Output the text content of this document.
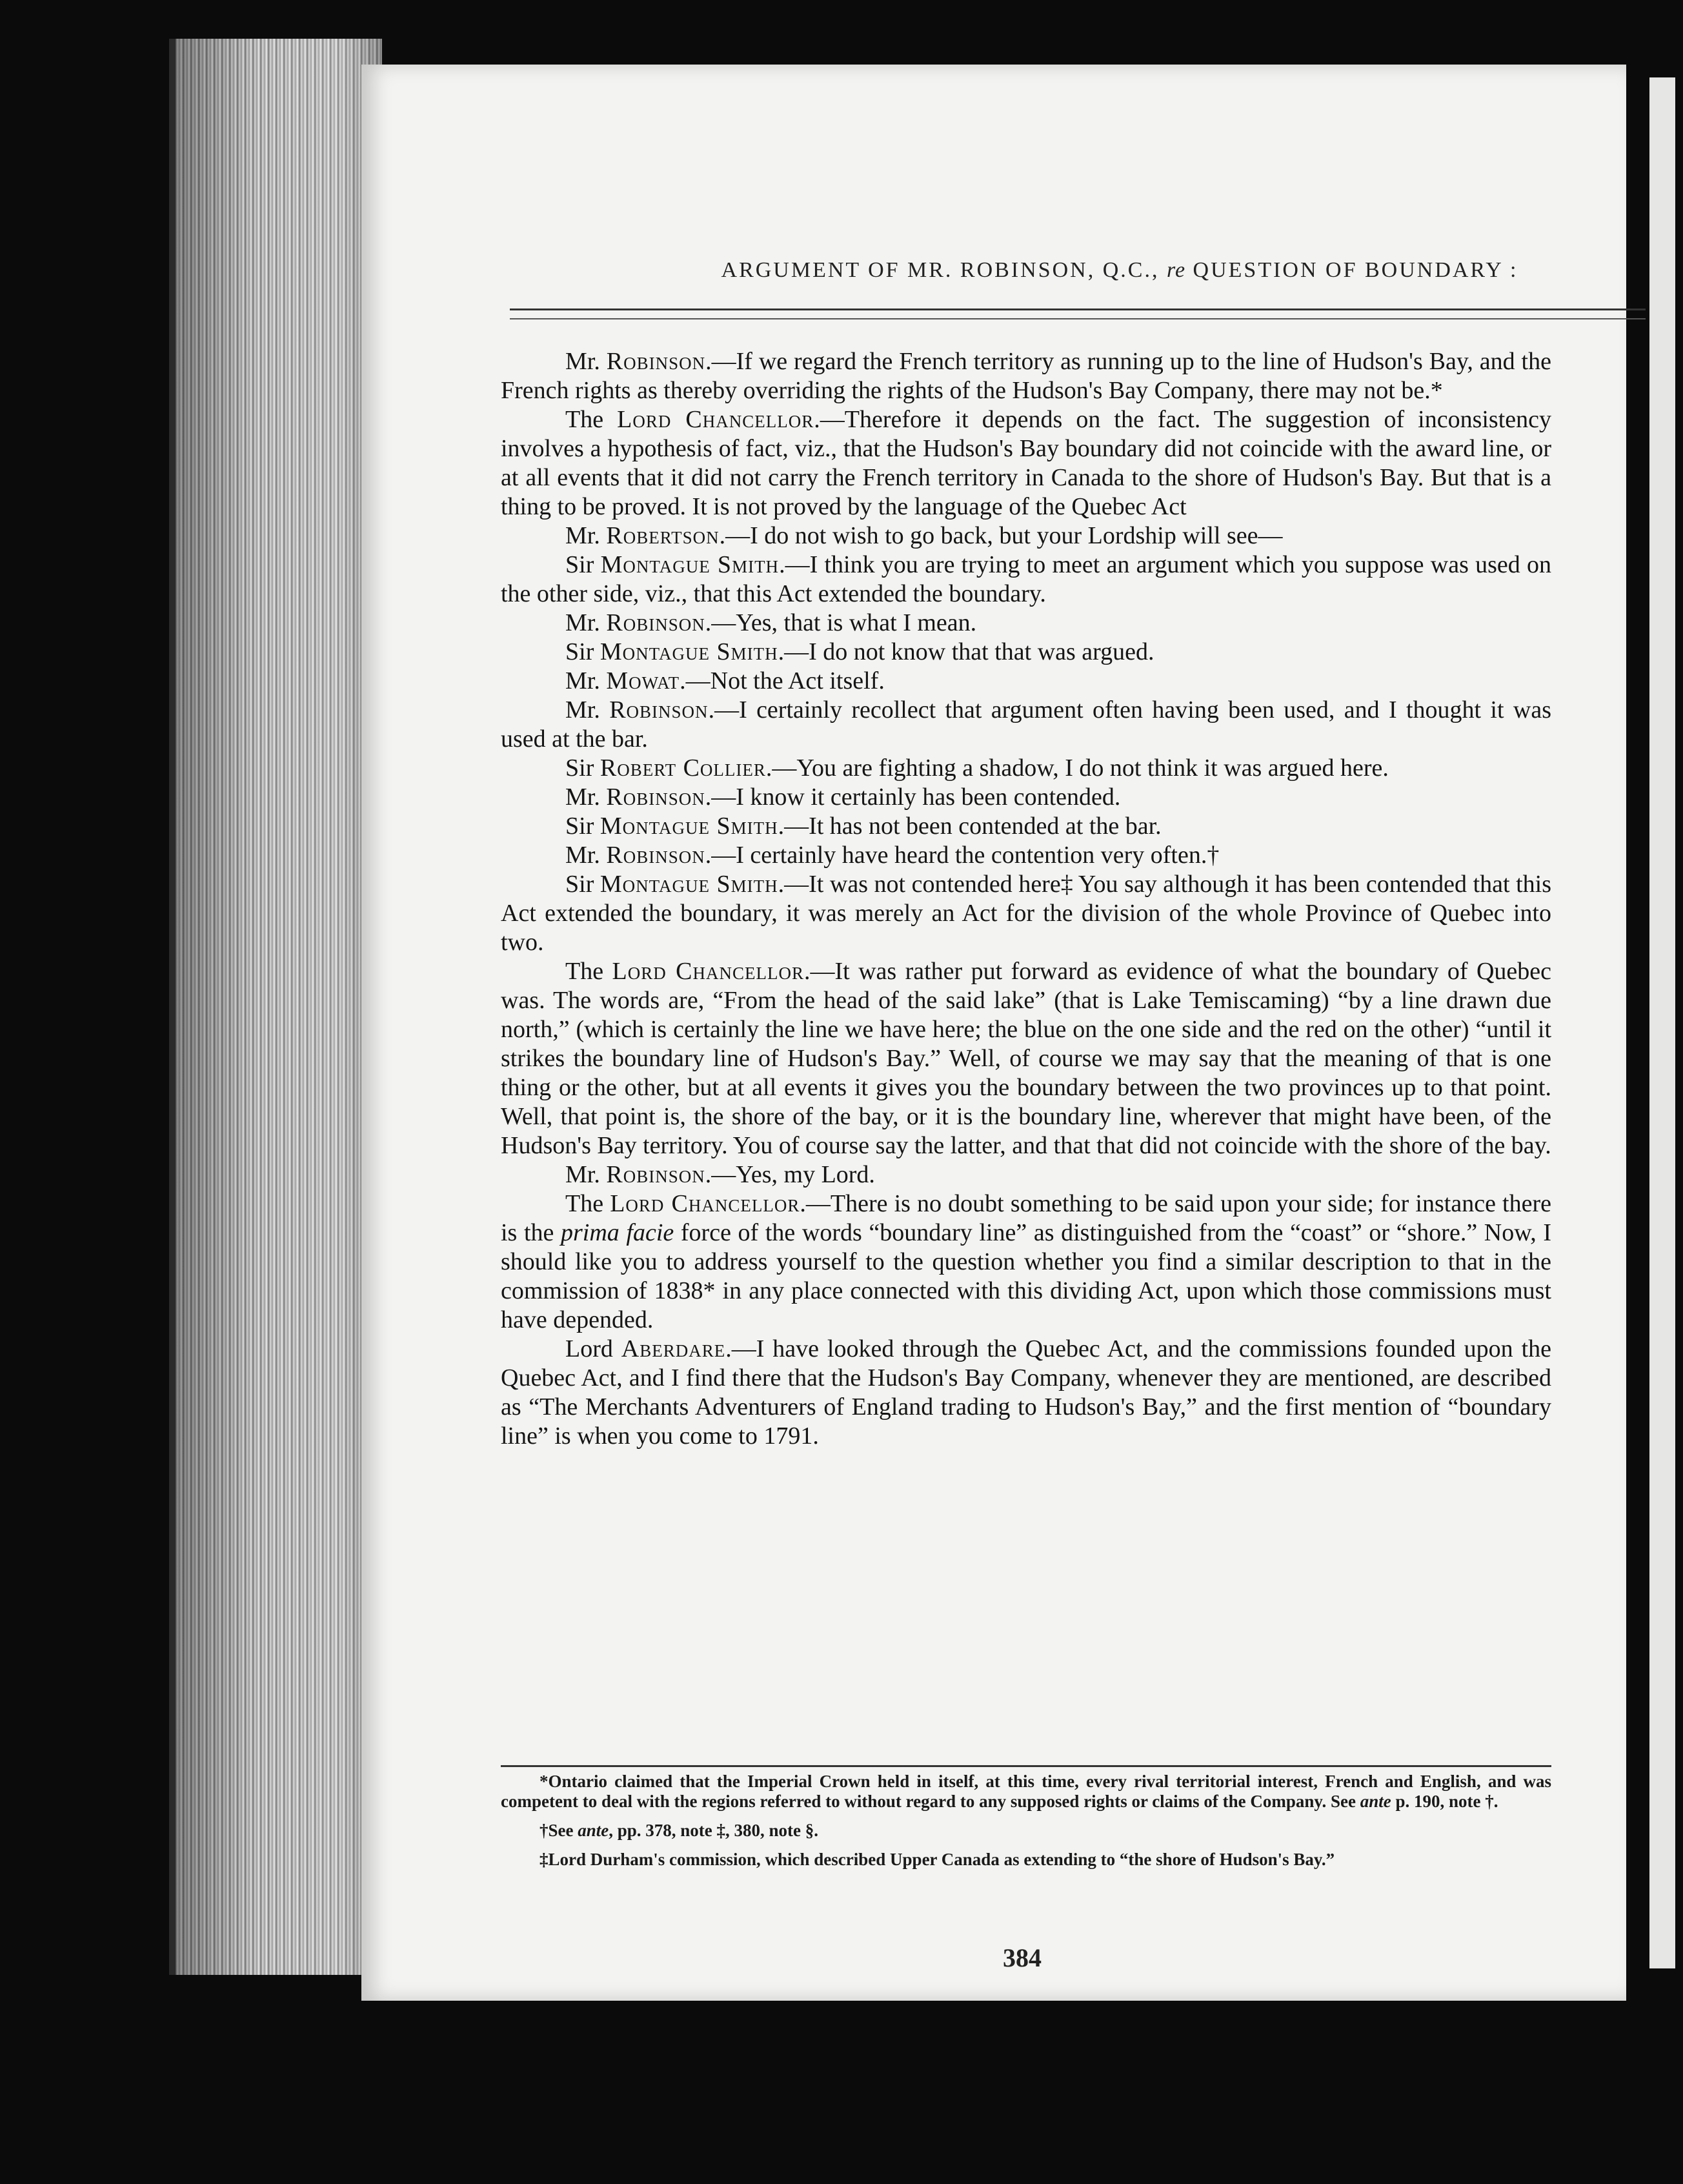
ARGUMENT OF MR. ROBINSON, Q.C., re QUESTION OF BOUNDARY :

Mr. Robinson.—If we regard the French territory as running up to the line of Hudson's Bay, and the French rights as thereby overriding the rights of the Hudson's Bay Company, there may not be.*

The Lord Chancellor.—Therefore it depends on the fact. The suggestion of inconsistency involves a hypothesis of fact, viz., that the Hudson's Bay boundary did not coincide with the award line, or at all events that it did not carry the French territory in Canada to the shore of Hudson's Bay. But that is a thing to be proved. It is not proved by the language of the Quebec Act

Mr. Robertson.—I do not wish to go back, but your Lordship will see—

Sir Montague Smith.—I think you are trying to meet an argument which you suppose was used on the other side, viz., that this Act extended the boundary.

Mr. Robinson.—Yes, that is what I mean.

Sir Montague Smith.—I do not know that that was argued.

Mr. Mowat.—Not the Act itself.

Mr. Robinson.—I certainly recollect that argument often having been used, and I thought it was used at the bar.

Sir Robert Collier.—You are fighting a shadow, I do not think it was argued here.

Mr. Robinson.—I know it certainly has been contended.

Sir Montague Smith.—It has not been contended at the bar.

Mr. Robinson.—I certainly have heard the contention very often.†

Sir Montague Smith.—It was not contended here‡ You say although it has been contended that this Act extended the boundary, it was merely an Act for the division of the whole Province of Quebec into two.

The Lord Chancellor.—It was rather put forward as evidence of what the boundary of Quebec was. The words are, “From the head of the said lake” (that is Lake Temiscaming) “by a line drawn due north,” (which is certainly the line we have here; the blue on the one side and the red on the other) “until it strikes the boundary line of Hudson's Bay.” Well, of course we may say that the meaning of that is one thing or the other, but at all events it gives you the boundary between the two provinces up to that point. Well, that point is, the shore of the bay, or it is the boundary line, wherever that might have been, of the Hudson's Bay territory. You of course say the latter, and that that did not coincide with the shore of the bay.

Mr. Robinson.—Yes, my Lord.

The Lord Chancellor.—There is no doubt something to be said upon your side; for instance there is the prima facie force of the words “boundary line” as distinguished from the “coast” or “shore.” Now, I should like you to address yourself to the question whether you find a similar description to that in the commission of 1838* in any place connected with this dividing Act, upon which those commissions must have depended.

Lord Aberdare.—I have looked through the Quebec Act, and the commissions founded upon the Quebec Act, and I find there that the Hudson's Bay Company, whenever they are mentioned, are described as “The Merchants Adventurers of England trading to Hudson's Bay,” and the first mention of “boundary line” is when you come to 1791.

*Ontario claimed that the Imperial Crown held in itself, at this time, every rival territorial interest, French and English, and was competent to deal with the regions referred to without regard to any supposed rights or claims of the Company. See ante p. 190, note †.

†See ante, pp. 378, note ‡, 380, note §.

‡Lord Durham's commission, which described Upper Canada as extending to “the shore of Hudson's Bay.”

384
